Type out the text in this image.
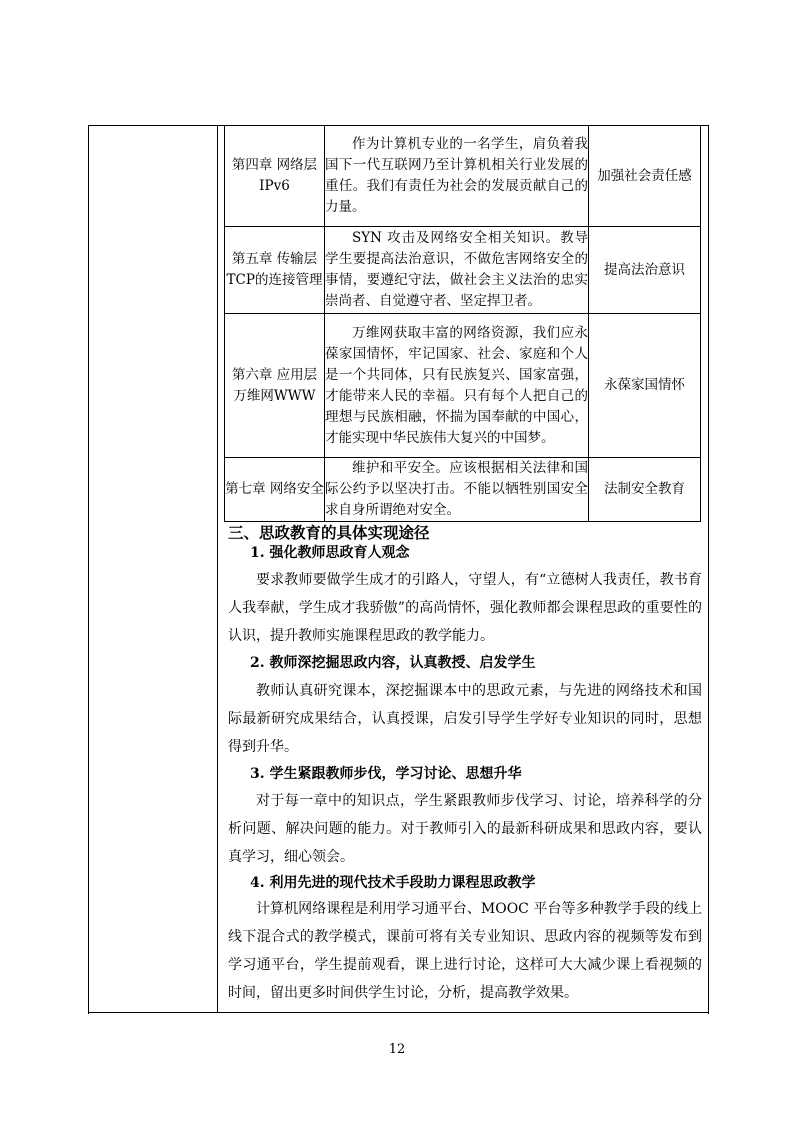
第四章 网络层 IPv6	作为计算机专业的一名学生，肩负着我国下一代互联网乃至计算机相关行业发展的重任。我们有责任为社会的发展贡献自己的力量。	加强社会责任感
第五章 传输层 TCP的连接管理	SYN 攻击及网络安全相关知识。教导学生要提高法治意识，不做危害网络安全的事情，要遵纪守法，做社会主义法治的忠实崇尚者、自觉遵守者、坚定捍卫者。	提高法治意识
第六章 应用层 万维网WWW	万维网获取丰富的网络资源，我们应永葆家国情怀，牢记国家、社会、家庭和个人是一个共同体，只有民族复兴、国家富强，才能带来人民的幸福。只有每个人把自己的理想与民族相融，怀揣为国奉献的中国心，才能实现中华民族伟大复兴的中国梦。	永葆家国情怀
第七章 网络安全	维护和平安全。应该根据相关法律和国际公约予以坚决打击。不能以牺牲别国安全求自身所谓绝对安全。	法制安全教育
三、思政教育的具体实现途径
1. 强化教师思政育人观念
要求教师要做学生成才的引路人，守望人，有“立德树人我责任，教书育人我奉献，学生成才我骄傲”的高尚情怀，强化教师都会课程思政的重要性的认识，提升教师实施课程思政的教学能力。
2. 教师深挖掘思政内容，认真教授、启发学生
教师认真研究课本，深挖掘课本中的思政元素，与先进的网络技术和国际最新研究成果结合，认真授课，启发引导学生学好专业知识的同时，思想得到升华。
3. 学生紧跟教师步伐，学习讨论、思想升华
对于每一章中的知识点，学生紧跟教师步伐学习、讨论，培养科学的分析问题、解决问题的能力。对于教师引入的最新科研成果和思政内容，要认真学习，细心领会。
4. 利用先进的现代技术手段助力课程思政教学
计算机网络课程是利用学习通平台、MOOC 平台等多种教学手段的线上线下混合式的教学模式，课前可将有关专业知识、思政内容的视频等发布到学习通平台，学生提前观看，课上进行讨论，这样可大大减少课上看视频的时间，留出更多时间供学生讨论，分析，提高教学效果。
12
